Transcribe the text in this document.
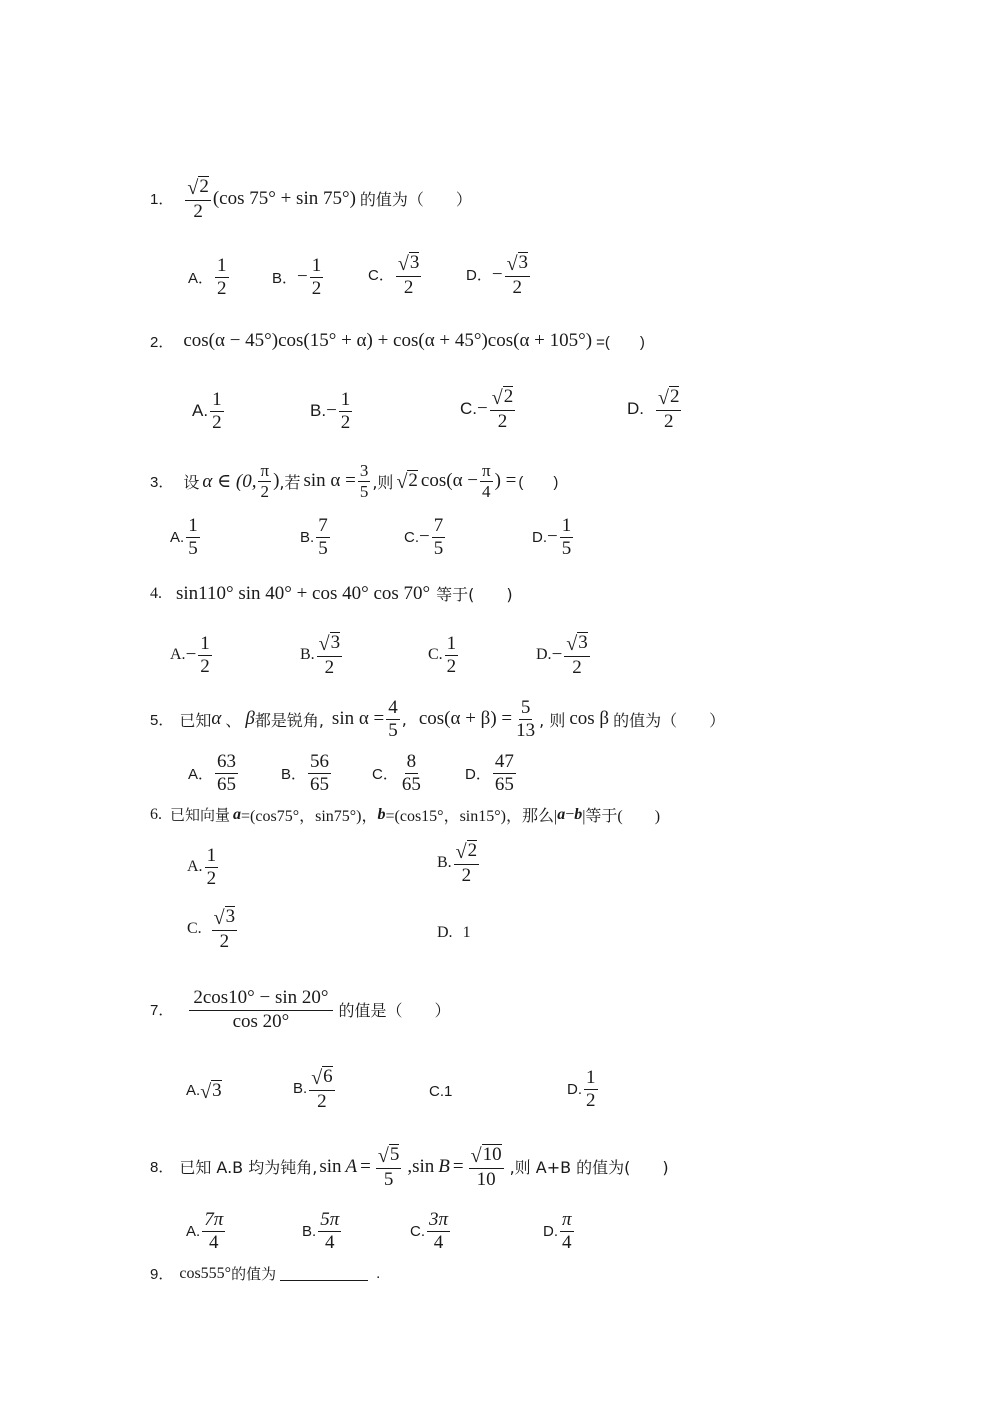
1． $\frac{√ 2}{2} (\cos$ 75° + sin 75°) 的值为（　　）
A． $\frac{1}{2}$	B． − $\frac{1}{2}$	C． $\frac{√ 3}{2}$	D． − $\frac{√ 3}{2}$
2． cos(α − 45°)cos(15° + α) + cos(α + 45°)cos(α + 105°) =(　　)
A. $\frac{1}{2}$	B. − $\frac{1}{2}$	C. − $\frac{√ 2}{2}$	D. $\frac{√ 2}{2}$
3． 设 α ∈ (0, $\frac{\pi}{2}$ ) ,若 $\sin \alpha = \frac{3}{5}$ ,则 √ 2 $\cos(\alpha - \frac{\pi}{4}$ ) = (　　)
A. $\frac{1}{5}$	B. $\frac{7}{5}$	C. − $\frac{7}{5}$	D. − $\frac{1}{5}$
4. sin110° sin 40° + cos 40° cos 70° 等于(　　)
A. − $\frac{1}{2}$	B. $\frac{√ 3}{2}$	C. $\frac{1}{2}$	D. − $\frac{√ 3}{2}$
5． 已知 α 、 β 都是锐角, $\sin \alpha = \frac{4}{5}$ , $\cos(\alpha + \beta) = \frac{5}{13}$ , 则 cos β 的值为（　　）
A． $\frac{63}{65}$	B． $\frac{56}{65}$	C． $\frac{8}{65}$	D． $\frac{47}{65}$
6. 已知向量 a =(cos75°，sin75°)， b =(cos15°，sin15°)，那么| a − b |等于(　　)
A. $\frac{1}{2}$	B. $\frac{√ 2}{2}$
C. $\frac{√ 3}{2}$	D. 1
7． $\frac{2\cos 10^\circ - \sin 20^\circ}{\cos 20^\circ}$ 的值是（　　）
A. √ 3	B. $\frac{√ 6}{2}$	C. 1	D. $\frac{1}{2}$
8． 已知 A.B 均为钝角, $\sin A = \frac{√ 5}{5}$ , $\sin B = \frac{√ 10}{10}$ ,则 A+B 的值为(　　)
A. $\frac{7\pi}{4}$	B. $\frac{5\pi}{4}$	C. $\frac{3\pi}{4}$	D. $\frac{\pi}{4}$
9． cos555° 的值为	.
